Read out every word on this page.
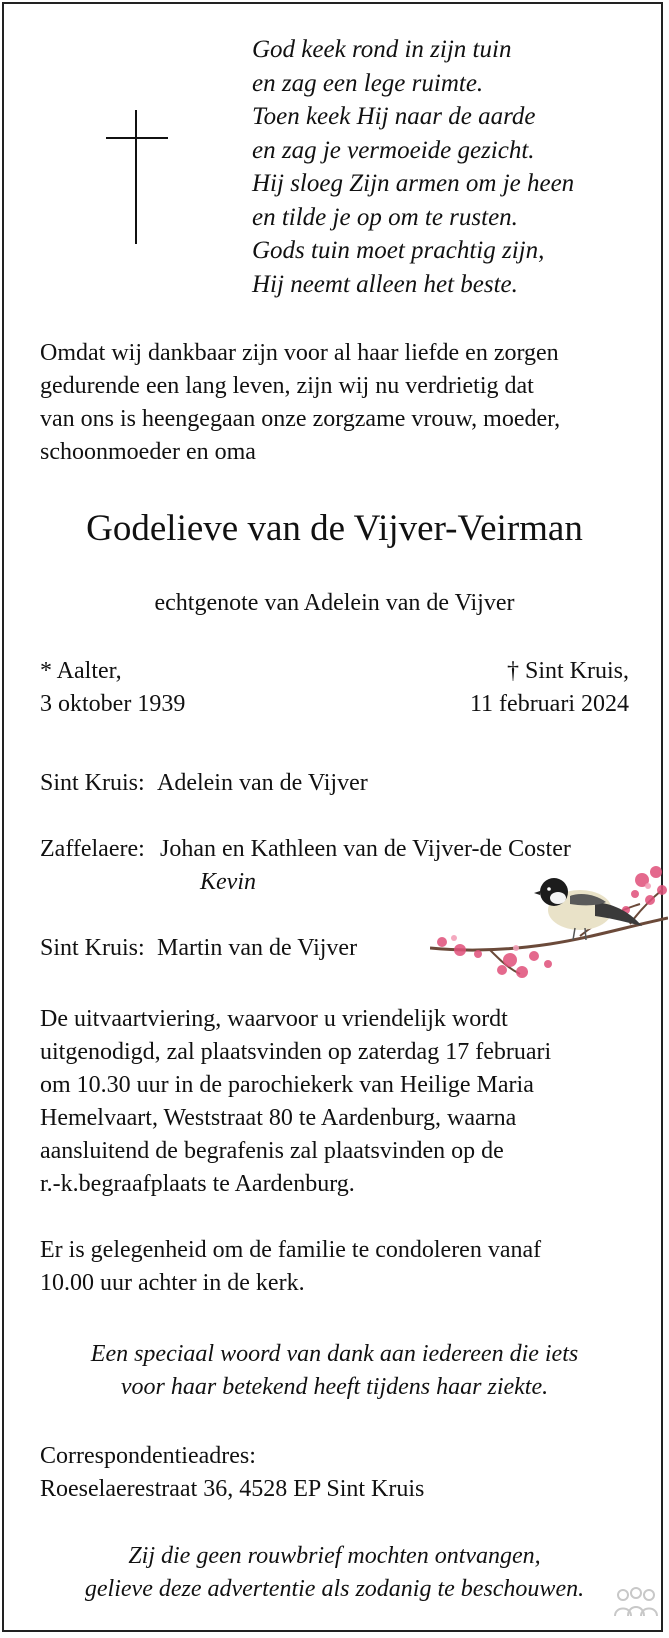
God keek rond in zijn tuin
en zag een lege ruimte.
Toen keek Hij naar de aarde
en zag je vermoeide gezicht.
Hij sloeg Zijn armen om je heen
en tilde je op om te rusten.
Gods tuin moet prachtig zijn,
Hij neemt alleen het beste.
Omdat wij dankbaar zijn voor al haar liefde en zorgen
gedurende een lang leven, zijn wij nu verdrietig dat
van ons is heengegaan onze zorgzame vrouw, moeder,
schoonmoeder en oma
Godelieve van de Vijver-Veirman
echtgenote van Adelein van de Vijver
* Aalter,
3 oktober 1939
† Sint Kruis,
11 februari 2024
Sint Kruis: Adelein van de Vijver
Zaffelaere: Johan en Kathleen van de Vijver-de Coster
Kevin
Sint Kruis: Martin van de Vijver
De uitvaartviering, waarvoor u vriendelijk wordt
uitgenodigd, zal plaatsvinden op zaterdag 17 februari
om 10.30 uur in de parochiekerk van Heilige Maria
Hemelvaart, Weststraat 80 te Aardenburg, waarna
aansluitend de begrafenis zal plaatsvinden op de
r.-k.begraafplaats te Aardenburg.
Er is gelegenheid om de familie te condoleren vanaf
10.00 uur achter in de kerk.
Een speciaal woord van dank aan iedereen die iets
voor haar betekend heeft tijdens haar ziekte.
Correspondentieadres:
Roeselaerestraat 36, 4528 EP Sint Kruis
Zij die geen rouwbrief mochten ontvangen,
gelieve deze advertentie als zodanig te beschouwen.
